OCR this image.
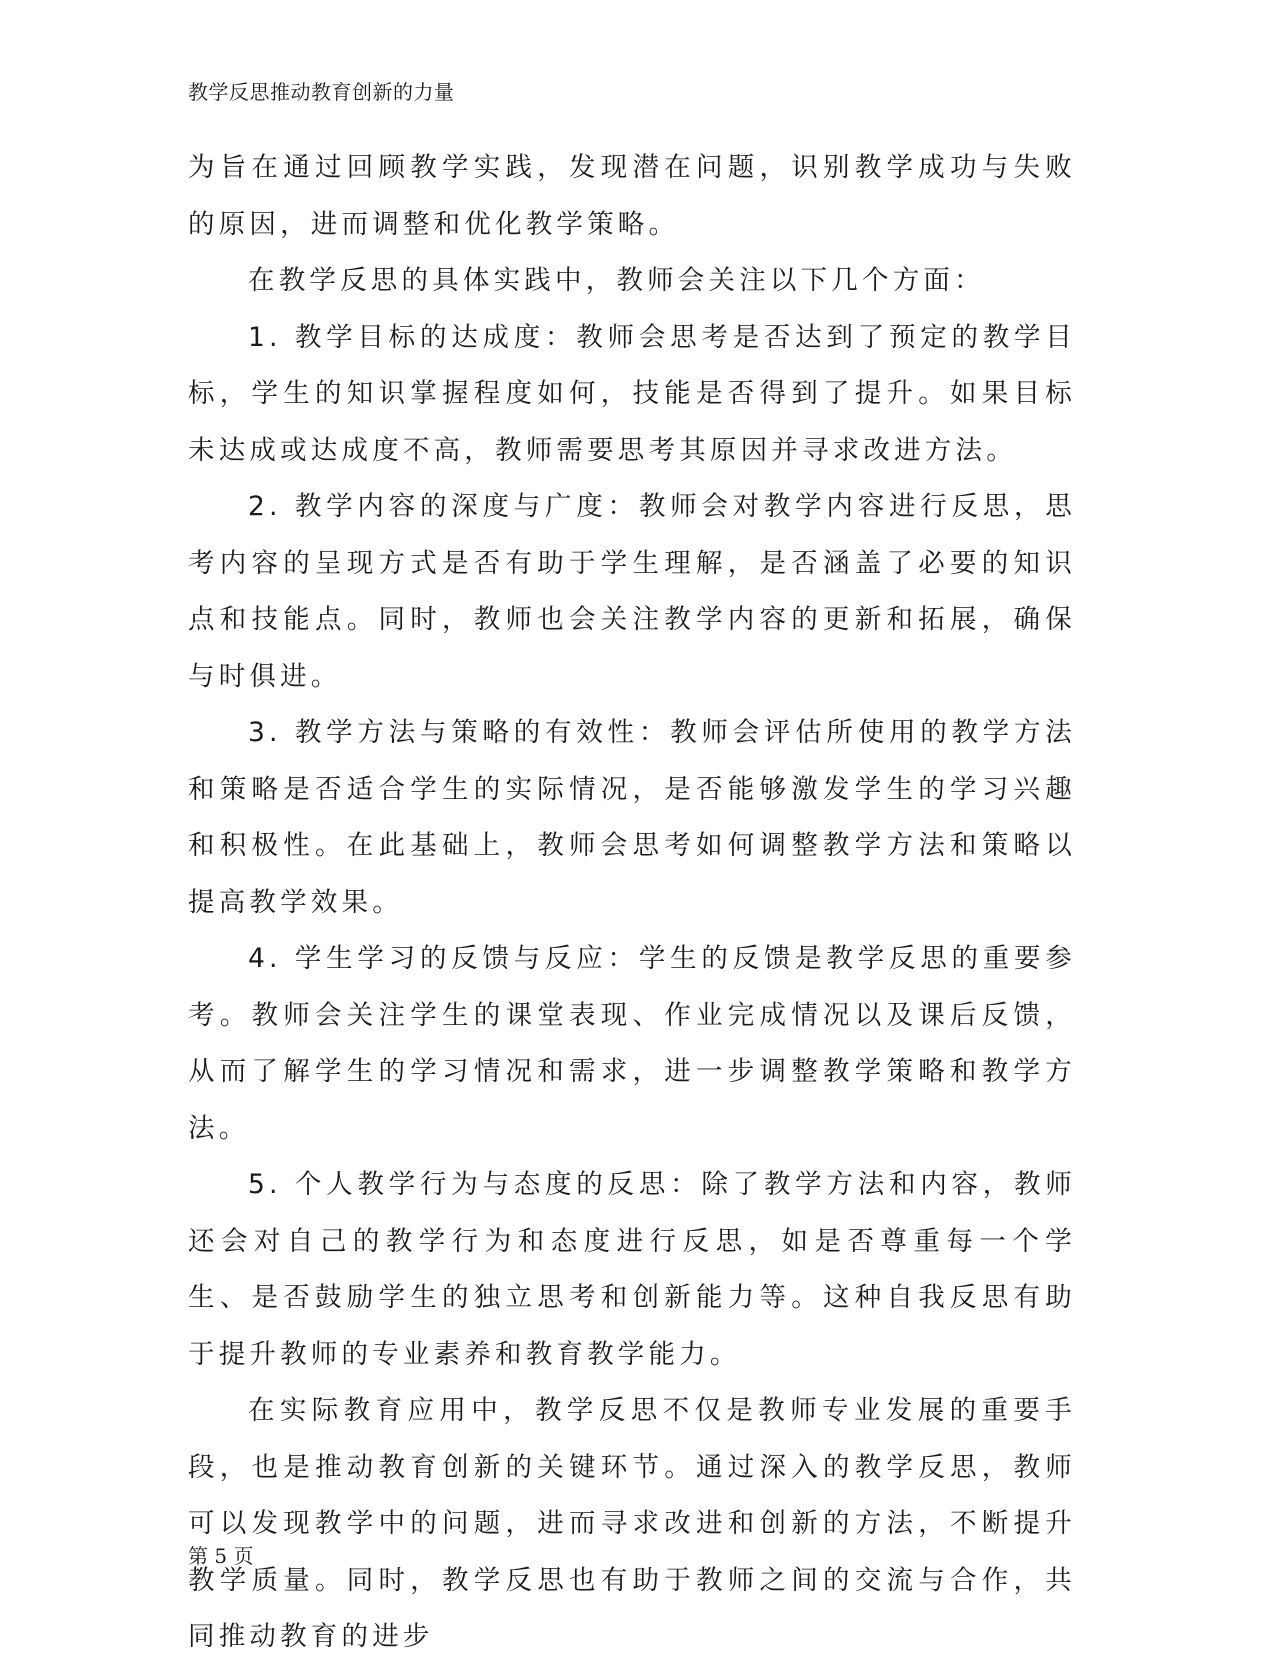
教学反思推动教育创新的力量

为旨在通过回顾教学实践，发现潜在问题，识别教学成功与失败的原因，进而调整和优化教学策略。

在教学反思的具体实践中，教师会关注以下几个方面：

1. 教学目标的达成度：教师会思考是否达到了预定的教学目标，学生的知识掌握程度如何，技能是否得到了提升。如果目标未达成或达成度不高，教师需要思考其原因并寻求改进方法。

2. 教学内容的深度与广度：教师会对教学内容进行反思，思考内容的呈现方式是否有助于学生理解，是否涵盖了必要的知识点和技能点。同时，教师也会关注教学内容的更新和拓展，确保与时俱进。

3. 教学方法与策略的有效性：教师会评估所使用的教学方法和策略是否适合学生的实际情况，是否能够激发学生的学习兴趣和积极性。在此基础上，教师会思考如何调整教学方法和策略以提高教学效果。

4. 学生学习的反馈与反应：学生的反馈是教学反思的重要参考。教师会关注学生的课堂表现、作业完成情况以及课后反馈，从而了解学生的学习情况和需求，进一步调整教学策略和教学方法。

5. 个人教学行为与态度的反思：除了教学方法和内容，教师还会对自己的教学行为和态度进行反思，如是否尊重每一个学生、是否鼓励学生的独立思考和创新能力等。这种自我反思有助于提升教师的专业素养和教育教学能力。

在实际教育应用中，教学反思不仅是教师专业发展的重要手段，也是推动教育创新的关键环节。通过深入的教学反思，教师可以发现教学中的问题，进而寻求改进和创新的方法，不断提升教学质量。同时，教学反思也有助于教师之间的交流与合作，共同推动教育的进步

第 5 页
